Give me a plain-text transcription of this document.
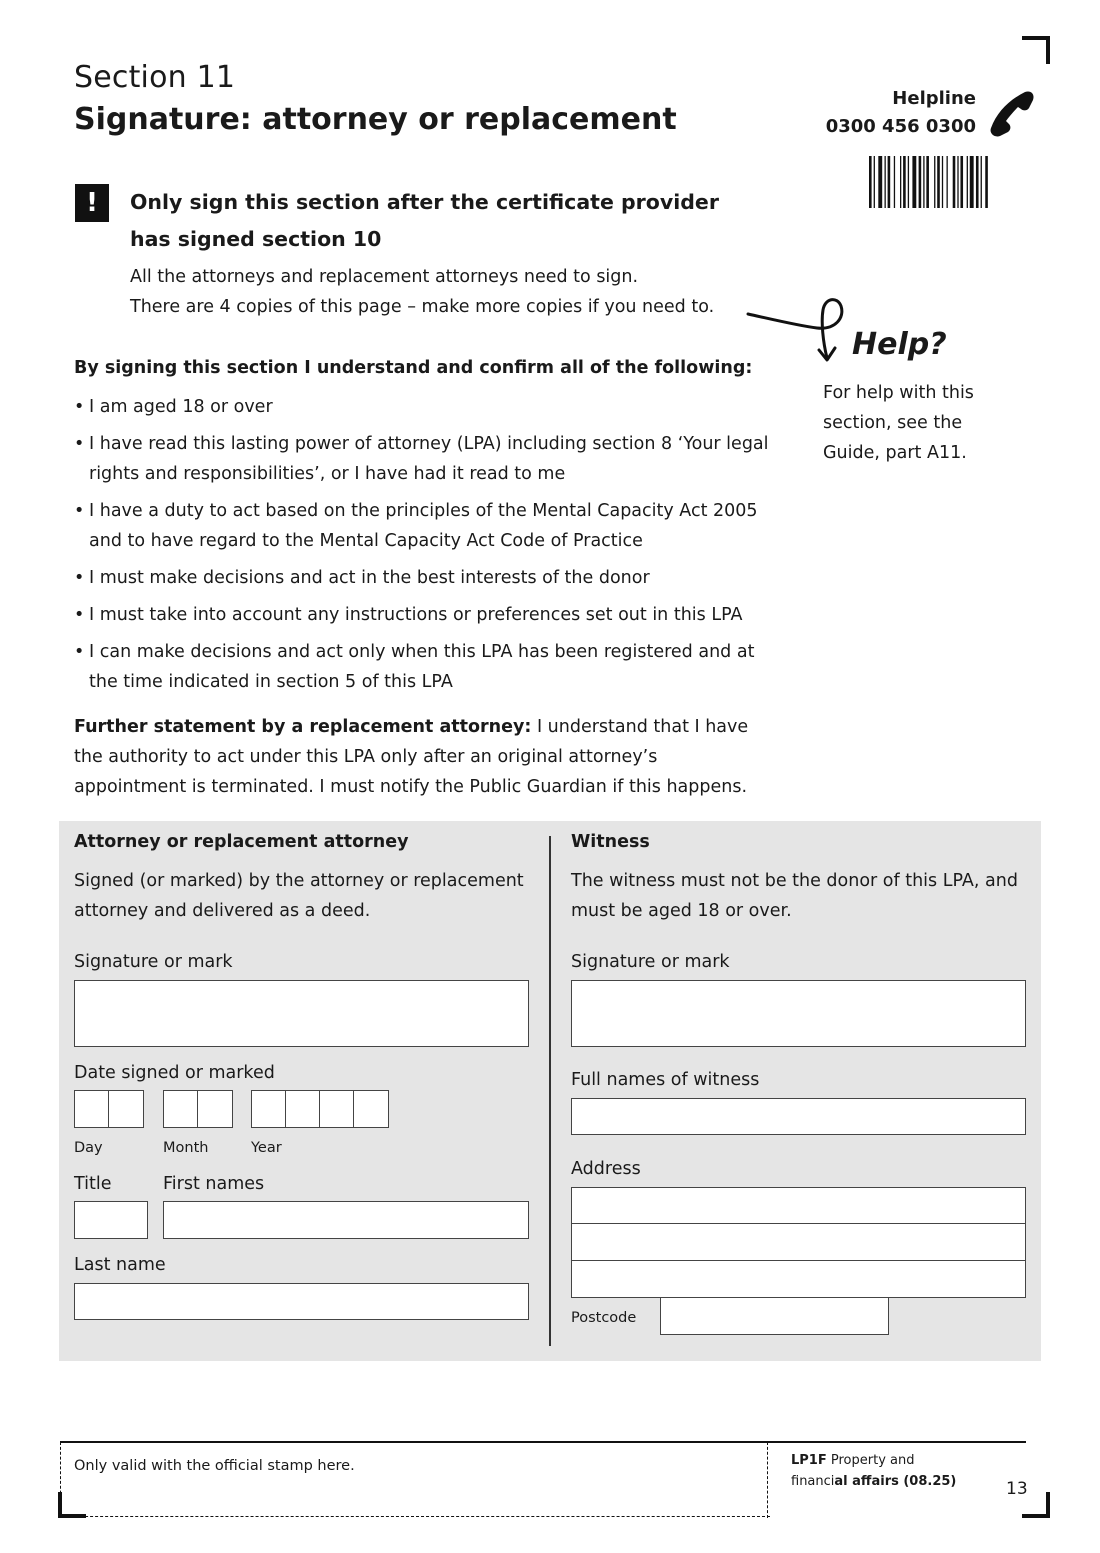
Section 11
Signature: attorney or replacement
Helpline
0300 456 0300
!	Only sign this section after the certificate provider has signed section 10
All the attorneys and replacement attorneys need to sign.
There are 4 copies of this page – make more copies if you need to.
Help?
For help with this section, see the Guide, part A11.
By signing this section I understand and confirm all of the following:
• I am aged 18 or over
• I have read this lasting power of attorney (LPA) including section 8 ‘Your legal rights and responsibilities’, or I have had it read to me
• I have a duty to act based on the principles of the Mental Capacity Act 2005 and to have regard to the Mental Capacity Act Code of Practice
• I must make decisions and act in the best interests of the donor
• I must take into account any instructions or preferences set out in this LPA
• I can make decisions and act only when this LPA has been registered and at the time indicated in section 5 of this LPA
Further statement by a replacement attorney: I understand that I have the authority to act under this LPA only after an original attorney’s appointment is terminated. I must notify the Public Guardian if this happens.
Attorney or replacement attorney
Signed (or marked) by the attorney or replacement attorney and delivered as a deed.
Signature or mark
Date signed or marked
Day	Month	Year
Title	First names
Last name
Witness
The witness must not be the donor of this LPA, and must be aged 18 or over.
Signature or mark
Full names of witness
Address
Postcode
Only valid with the official stamp here.	LP1F Property and
financial affairs (08.25)	13
